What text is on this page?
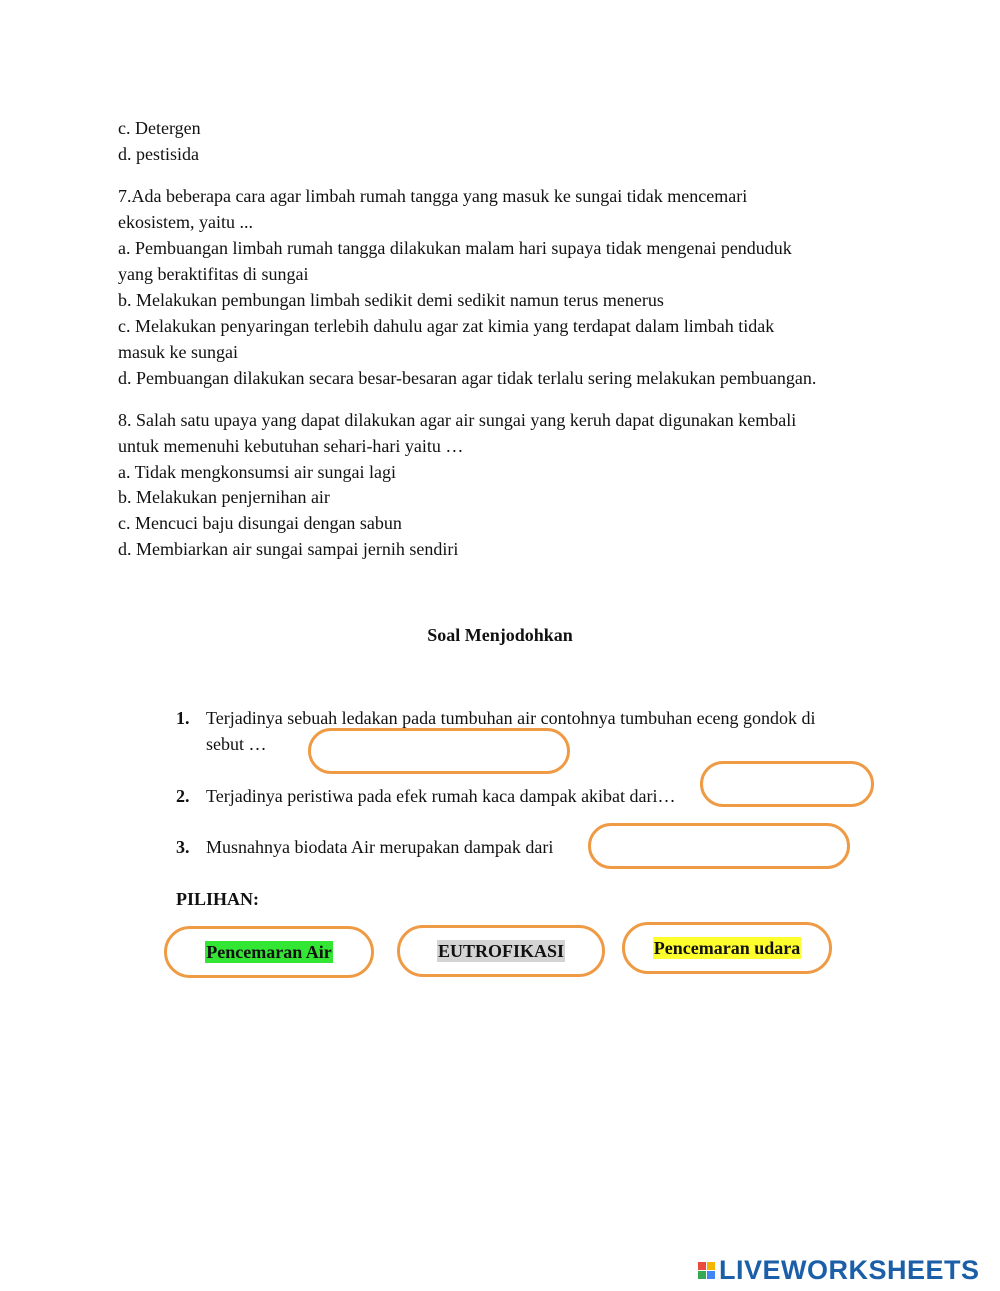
c. Detergen
d. pestisida
7.Ada beberapa cara agar limbah rumah tangga yang masuk ke sungai tidak mencemari
ekosistem, yaitu ...
a. Pembuangan limbah rumah tangga dilakukan malam hari supaya tidak mengenai penduduk
yang beraktifitas di sungai
b. Melakukan pembungan limbah sedikit demi sedikit namun terus menerus
c. Melakukan penyaringan terlebih dahulu agar zat kimia yang terdapat dalam limbah tidak
masuk ke sungai
d. Pembuangan dilakukan secara besar-besaran agar tidak terlalu sering melakukan pembuangan.
8. Salah satu upaya yang dapat dilakukan agar air sungai yang keruh dapat digunakan kembali
untuk memenuhi kebutuhan sehari-hari yaitu …
a. Tidak mengkonsumsi air sungai lagi
b. Melakukan penjernihan air
c. Mencuci baju disungai dengan sabun
d. Membiarkan air sungai sampai jernih sendiri
Soal Menjodohkan
1. Terjadinya sebuah ledakan pada tumbuhan air contohnya tumbuhan eceng gondok di
sebut …
2. Terjadinya peristiwa pada efek rumah kaca dampak akibat dari…
3. Musnahnya biodata Air merupakan dampak dari
PILIHAN:
Pencemaran Air	EUTROFIKASI	Pencemaran udara
LIVEWORKSHEETS
